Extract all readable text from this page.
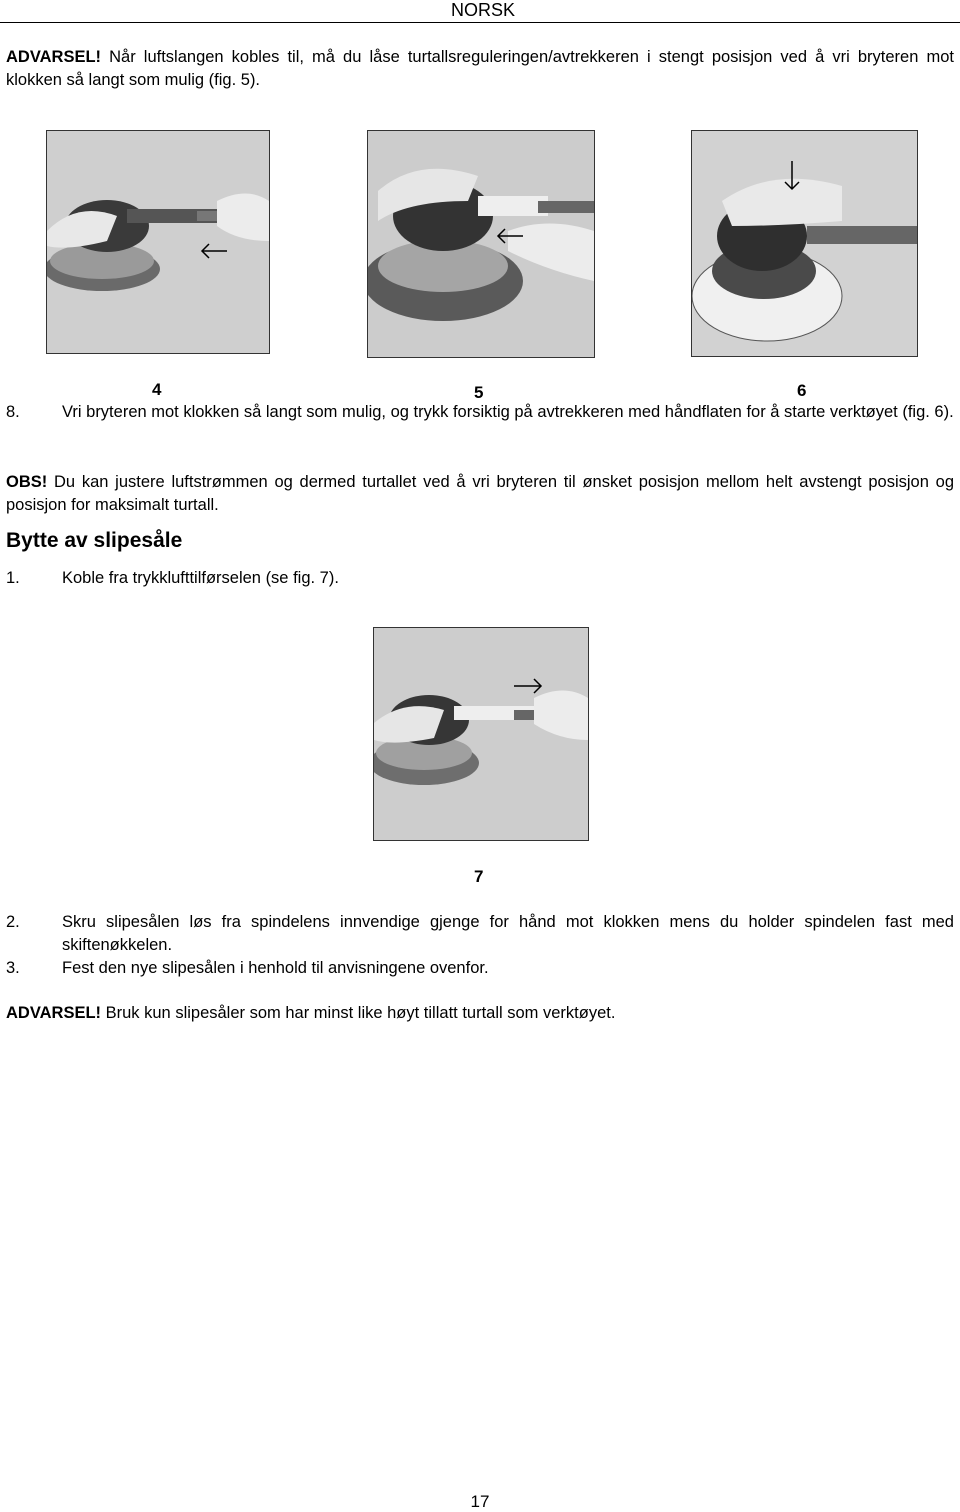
NORSK
ADVARSEL! Når luftslangen kobles til, må du låse turtallsreguleringen/avtrekkeren i stengt posisjon ved å vri bryteren mot klokken så langt som mulig (fig. 5).
4	5	6
8.	Vri bryteren mot klokken så langt som mulig, og trykk forsiktig på avtrekkeren med håndflaten for å starte verktøyet (fig. 6).
OBS! Du kan justere luftstrømmen og dermed turtallet ved å vri bryteren til ønsket posisjon mellom helt avstengt posisjon og posisjon for maksimalt turtall.
Bytte av slipesåle
1.	Koble fra trykklufttilførselen (se fig. 7).
7
2.	Skru slipesålen løs fra spindelens innvendige gjenge for hånd mot klokken mens du holder spindelen fast med skiftenøkkelen.
3.	Fest den nye slipesålen i henhold til anvisningene ovenfor.
ADVARSEL! Bruk kun slipesåler som har minst like høyt tillatt turtall som verktøyet.
17
